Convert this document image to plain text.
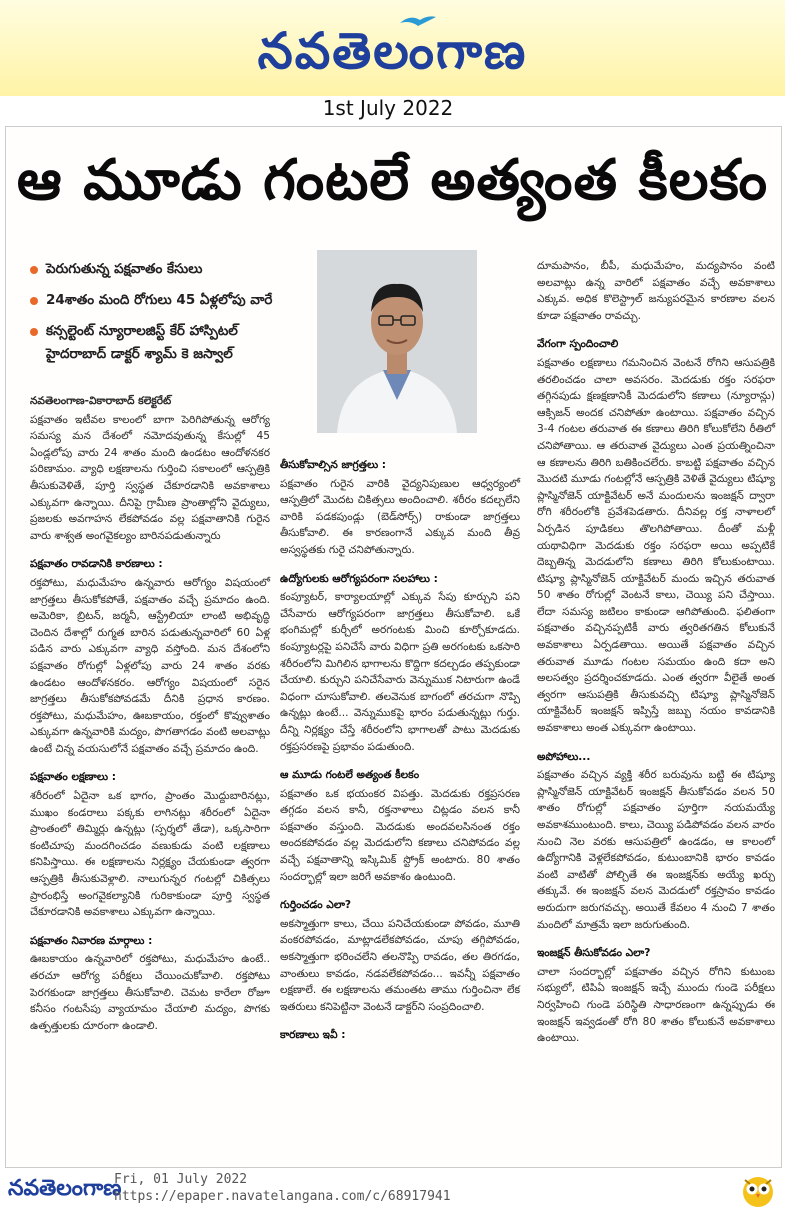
నవతెలంగాణ
1st July 2022
ఆ మూడు గంటలే అత్యంత కీలకం
పెరుగుతున్న పక్షవాతం కేసులు
24శాతం మంది రోగులు 45 ఏళ్లలోపు వారే
కన్సల్టెంట్ న్యూరాలజిస్ట్ కేర్ హాస్పిటల్ హైదరాబాద్ డాక్టర్ శ్యామ్ కె జస్వాల్

నవతెలంగాణ-వికారాబాద్ కలెక్టరేట్

పక్షవాతం ఇటీవల కాలంలో బాగా పెరిగిపోతున్న ఆరోగ్య సమస్య మన దేశంలో నమోదవుతున్న కేసుల్లో 45 ఏండ్లలోపు వారు 24 శాతం మంది ఉండటం ఆందోళనకర పరిణామం. వ్యాధి లక్షణాలను గుర్తించి సకాలంలో ఆస్పత్రికి తీసుకువెళితే, పూర్తి స్వస్థత చేకూరడానికి అవకాశాలు ఎక్కువగా ఉన్నాయి. దీనిపై గ్రామీణ ప్రాంతాల్లోని వైద్యులు, ప్రజలకు అవగాహన లేకపోవడం వల్ల పక్షవాతానికి గురైన వారు శాశ్వత అంగవైకల్యం బారినపడుతున్నారు

పక్షవాతం రావడానికి కారణాలు :

రక్తపోటు, మధుమేహం ఉన్నవారు ఆరోగ్యం విషయంలో జాగ్రత్తలు తీసుకోకపోతే, పక్షవాతం వచ్చే ప్రమాదం ఉంది. అమెరికా, బ్రిటన్, జర్మనీ, ఆస్ట్రేలియా లాంటి అభివృద్ధి చెందిన దేశాల్లో రుగ్మత బారిన పడుతున్నవారిలో 60 ఏళ్ల పడిన వారు ఎక్కువగా వ్యాధి వస్తోంది. మన దేశంలోని పక్షవాతం రోగుల్లో ఏళ్లలోపు వారు 24 శాతం వరకు ఉండటం ఆందోళనకరం. ఆరోగ్యం విషయంలో సరైన జాగ్రత్తలు తీసుకోకపోవడమే దీనికి ప్రధాన కారణం. రక్తపోటు, మధుమేహం, ఊబకాయం, రక్తంలో కొవ్వుశాతం ఎక్కువగా ఉన్నవారికి మద్యం, పొగతాగడం వంటి అలవాట్లు ఉంటే చిన్న వయసులోనే పక్షవాతం వచ్చే ప్రమాదం ఉంది.

పక్షవాతం లక్షణాలు :

శరీరంలో ఏదైనా ఒక భాగం, ప్రాంతం మొద్దుబారినట్లు, ముఖం కండరాలు పక్కకు లాగినట్లు శరీరంలో ఏదైనా ప్రాంతంలో తిమ్మిర్లు ఉన్నట్లు (స్పర్శలో తేడా), ఒక్కసారిగా కంటిచూపు మందగించడం వణుకుడు వంటి లక్షణాలు కనిపిస్తాయి. ఈ లక్షణాలను నిర్లక్ష్యం చేయకుండా త్వరగా ఆస్పత్రికి తీసుకువెళ్లాలి. నాలుగున్నర గంటల్లో చికిత్సలు ప్రారంభిస్తే అంగవైకల్యానికి గురికాకుండా పూర్తి స్వస్థత చేకూరడానికి అవకాశాలు ఎక్కువగా ఉన్నాయి.

పక్షవాతం నివారణ మార్గాలు :

ఊబకాయం ఉన్నవారిలో రక్తపోటు, మధుమేహం ఉంటే.. తరచూ ఆరోగ్య పరీక్షలు చేయించుకోవాలి. రక్తపోటు పెరగకుండా జాగ్రత్తలు తీసుకోవాలి. చెమట కారేలా రోజూ కనీసం గంటసేపు వ్యాయామం చేయాలి మద్యం, పొగకు ఉత్పత్తులకు దూరంగా ఉండాలి.

తీసుకోవాల్సిన జాగ్రత్తలు :

పక్షవాతం గురైన వారికి వైద్యనిపుణుల ఆధ్వర్యంలో ఆస్పత్రిలో మొదట చికిత్సలు అందించాలి. శరీరం కదల్చలేని వారికి పడకపుండ్లు (బెడ్‌సోర్స్) రాకుండా జాగ్రత్తలు తీసుకోవాలి. ఈ కారణంగానే ఎక్కువ మంది తీవ్ర అస్వస్థతకు గురై చనిపోతున్నారు.

ఉద్యోగులకు ఆరోగ్యపరంగా సలహాలు :

కంప్యూటర్, కార్యాలయాల్లో ఎక్కువ సేపు కూర్చుని పని చేసేవారు ఆరోగ్యపరంగా జాగ్రత్తలు తీసుకోవాలి. ఒకే భంగిమల్లో కుర్చీలో అరగంటకు మించి కూర్చోకూడదు. కంప్యూటర్లపై పనిచేసే వారు విధిగా ప్రతి అరగంటకు ఒకసారి శరీరంలోని మిగిలిన భాగాలను కొద్దిగా కదల్చడం తప్పకుండా చేయాలి. కుర్చుని పనిచేసేవారు వెన్నుముక నిటారుగా ఉండే విధంగా చూసుకోవాలి. తలవెనుక బాగంలో తరచుగా నొప్పి ఉన్నట్లు ఉంటే... వెన్నుముకపై భారం పడుతున్నట్లు గుర్తు. దీన్ని నిర్లక్ష్యం చేస్తే శరీరంలోని భాగాలతో పాటు మెదడుకు రక్తప్రసరణపై ప్రభావం పడుతుంది.

ఆ మూడు గంటలే అత్యంత కీలకం

పక్షవాతం ఒక భయంకర విపత్తు. మెదడుకు రక్తప్రసరణ తగ్గడం వలన కానీ, రక్తనాళాలు చిట్లడం వలన కానీ పక్షవాతం వస్తుంది. మెదడుకు అందవలసినంత రక్తం అందకపోవడం వల్ల మెదడులోని కణాలు చనిపోవడం వల్ల వచ్చే పక్షవాతాన్ని ఇస్కిమిక్ స్ట్రోక్ అంటారు. 80 శాతం సందర్భాల్లో ఇలా జరిగే అవకాశం ఉంటుంది.

గుర్తించడం ఎలా?

అకస్మాత్తుగా కాలు, చేయి పనిచేయకుండా పోవడం, మూతి వంకరపోవడం, మాట్లాడలేకపోవడం, చూపు తగ్గిపోవడం, అకస్మాత్తుగా భరించలేని తలనొప్పి రావడం, తల తిరగడం, వాంతులు కావడం, నడవలేకపోవడం... ఇవన్నీ పక్షవాతం లక్షణాలే. ఈ లక్షణాలను తమంతట తాము గుర్తించినా లేక ఇతరులు కనిపెట్టినా వెంటనే డాక్టర్‌ని సంప్రదించాలి.

కారణాలు ఇవీ :

దూమపానం, బీపీ, మధుమేహం, మద్యపానం వంటి అలవాట్లు ఉన్న వారిలో పక్షవాతం వచ్చే అవకాశాలు ఎక్కువ. అధిక కొలెస్ట్రాల్ జన్యుపరమైన కారణాల వలన కూడా పక్షవాతం రావచ్చు.

వేగంగా స్పందించాలి

పక్షవాతం లక్షణాలు గమనించిన వెంటనే రోగిని ఆసుపత్రికి తరలించడం చాలా అవసరం. మెదడుకు రక్తం సరఫరా తగ్గినపుడు క్షణక్షణానికీ మెదడులోని కణాలు (న్యూరాన్లు) ఆక్సిజన్ అందక చనిపోతూ ఉంటాయి. పక్షవాతం వచ్చిన 3-4 గంటల తరువాత ఈ కణాలు తిరిగి కోలుకోలేని రీతిలో చనిపోతాయి. ఆ తరువాత వైద్యులు ఎంత ప్రయత్నించినా ఆ కణాలను తిరిగి బతికించలేరు. కాబట్టి పక్షవాతం వచ్చిన మొదటి మూడు గంటల్లోనే ఆస్పత్రికి వెళితే వైద్యులు టిష్యూ ప్లాస్మినోజెన్ యాక్టివేటర్ అనే మందులను ఇంజక్షన్ ద్వారా రోగి శరీరంలోకి ప్రవేశపెడతారు. దీనివల్ల రక్త నాళాలలో ఏర్పడిన పూడికలు తొలగిపోతాయి. దీంతో మళ్లీ యథావిధిగా మెదడుకు రక్తం సరఫరా అయి అప్పటికే దెబ్బతిన్న మెదడులోని కణాలు తిరిగి కోలుకుంటాయి. టిష్యూ ప్లాస్మినోజెన్ యాక్టివేటర్ మందు ఇచ్చిన తరువాత 50 శాతం రోగుల్లో వెంటనే కాలు, చెయ్యి పని చేస్తాయి. లేదా సమస్య జటిలం కాకుండా ఆగిపోతుంది. ఫలితంగా పక్షవాతం వచ్చినప్పటికీ వారు త్వరితగతిన కోలుకునే అవకాశాలు ఏర్పడతాయి. అయితే పక్షవాతం వచ్చిన తరువాత మూడు గంటల సమయం ఉంది కదా అని అలసత్వం ప్రదర్శించకూడదు. ఎంత త్వరగా వీలైతే అంత త్వరగా ఆసుపత్రికి తీసుకువచ్చి టిష్యూ ప్లాస్మినోజెన్ యాక్టివేటర్ ఇంజక్షన్ ఇప్పిస్తే జబ్బు నయం కావడానికి అవకాశాలు అంత ఎక్కువగా ఉంటాయి.

అపోహాలు...

పక్షవాతం వచ్చిన వ్యక్తి శరీర బరువును బట్టి ఈ టిష్యూ ప్లాస్మినోజెన్ యాక్టివేటర్ ఇంజక్షన్ తీసుకోవడం వలన 50 శాతం రోగుల్లో పక్షవాతం పూర్తిగా నయమయ్యే అవకాశముంటుంది. కాలు, చెయ్యి పడిపోవడం వలన వారం నుంచి నెల వరకు ఆసుపత్రిలో ఉండడం, ఆ కాలంలో ఉద్యోగానికి వెళ్లలేకపోవడం, కుటుంబానికి భారం కావడం వంటి వాటితో పోల్చితే ఈ ఇంజక్షన్‌కు అయ్యే ఖర్చు తక్కువే. ఈ ఇంజక్షన్ వలన మెదడులో రక్తస్రావం కావడం అరుదుగా జరుగవచ్చు. అయితే కేవలం 4 నుంచి 7 శాతం మందిలో మాత్రమే ఇలా జరుగుతుంది.

ఇంజక్షన్ తీసుకోవడం ఎలా?

చాలా సందర్భాల్లో పక్షవాతం వచ్చిన రోగిని కుటుంబ సభ్యులో, టిపిఏ ఇంజక్షన్ ఇచ్చే ముందు గుండె పరీక్షలు నిర్వహించి గుండె పరిస్థితి సాధారణంగా ఉన్నప్పుడు ఈ ఇంజక్షన్ ఇవ్వడంతో రోగి 80 శాతం కోలుకునే అవకాశాలు ఉంటాయి.

నవతెలంగాణ
Fri, 01 July 2022
https://epaper.navatelangana.com/c/68917941
